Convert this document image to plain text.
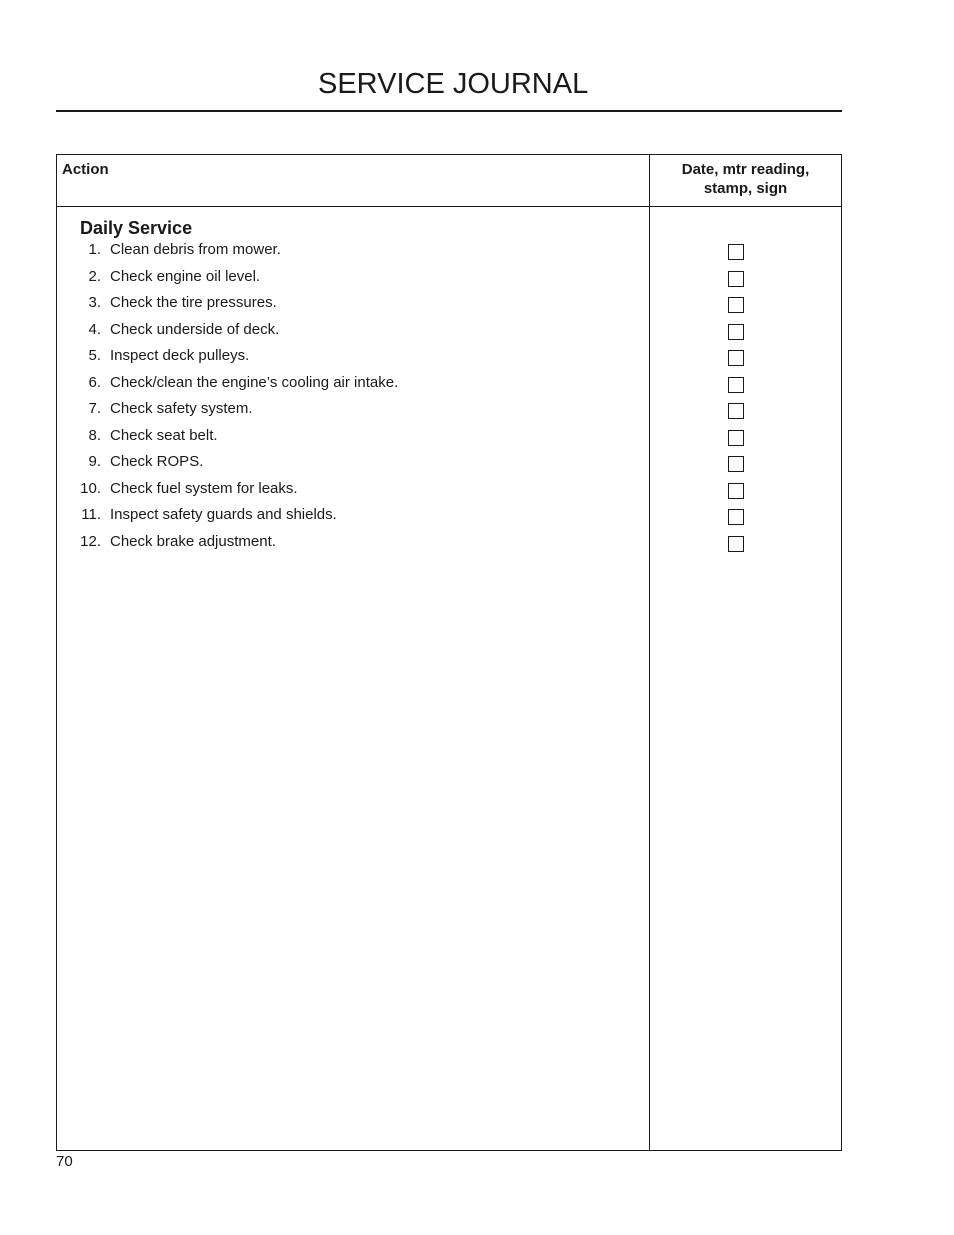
SERVICE JOURNAL
Action	Date, mtr reading,
stamp, sign
Daily Service
1. Clean debris from mower.
2. Check engine oil level.
3. Check the tire pressures.
4. Check underside of deck.
5. Inspect deck pulleys.
6. Check/clean the engine’s cooling air intake.
7. Check safety system.
8. Check seat belt.
9. Check ROPS.
10. Check fuel system for leaks.
11. Inspect safety guards and shields.
12. Check brake adjustment.
70
